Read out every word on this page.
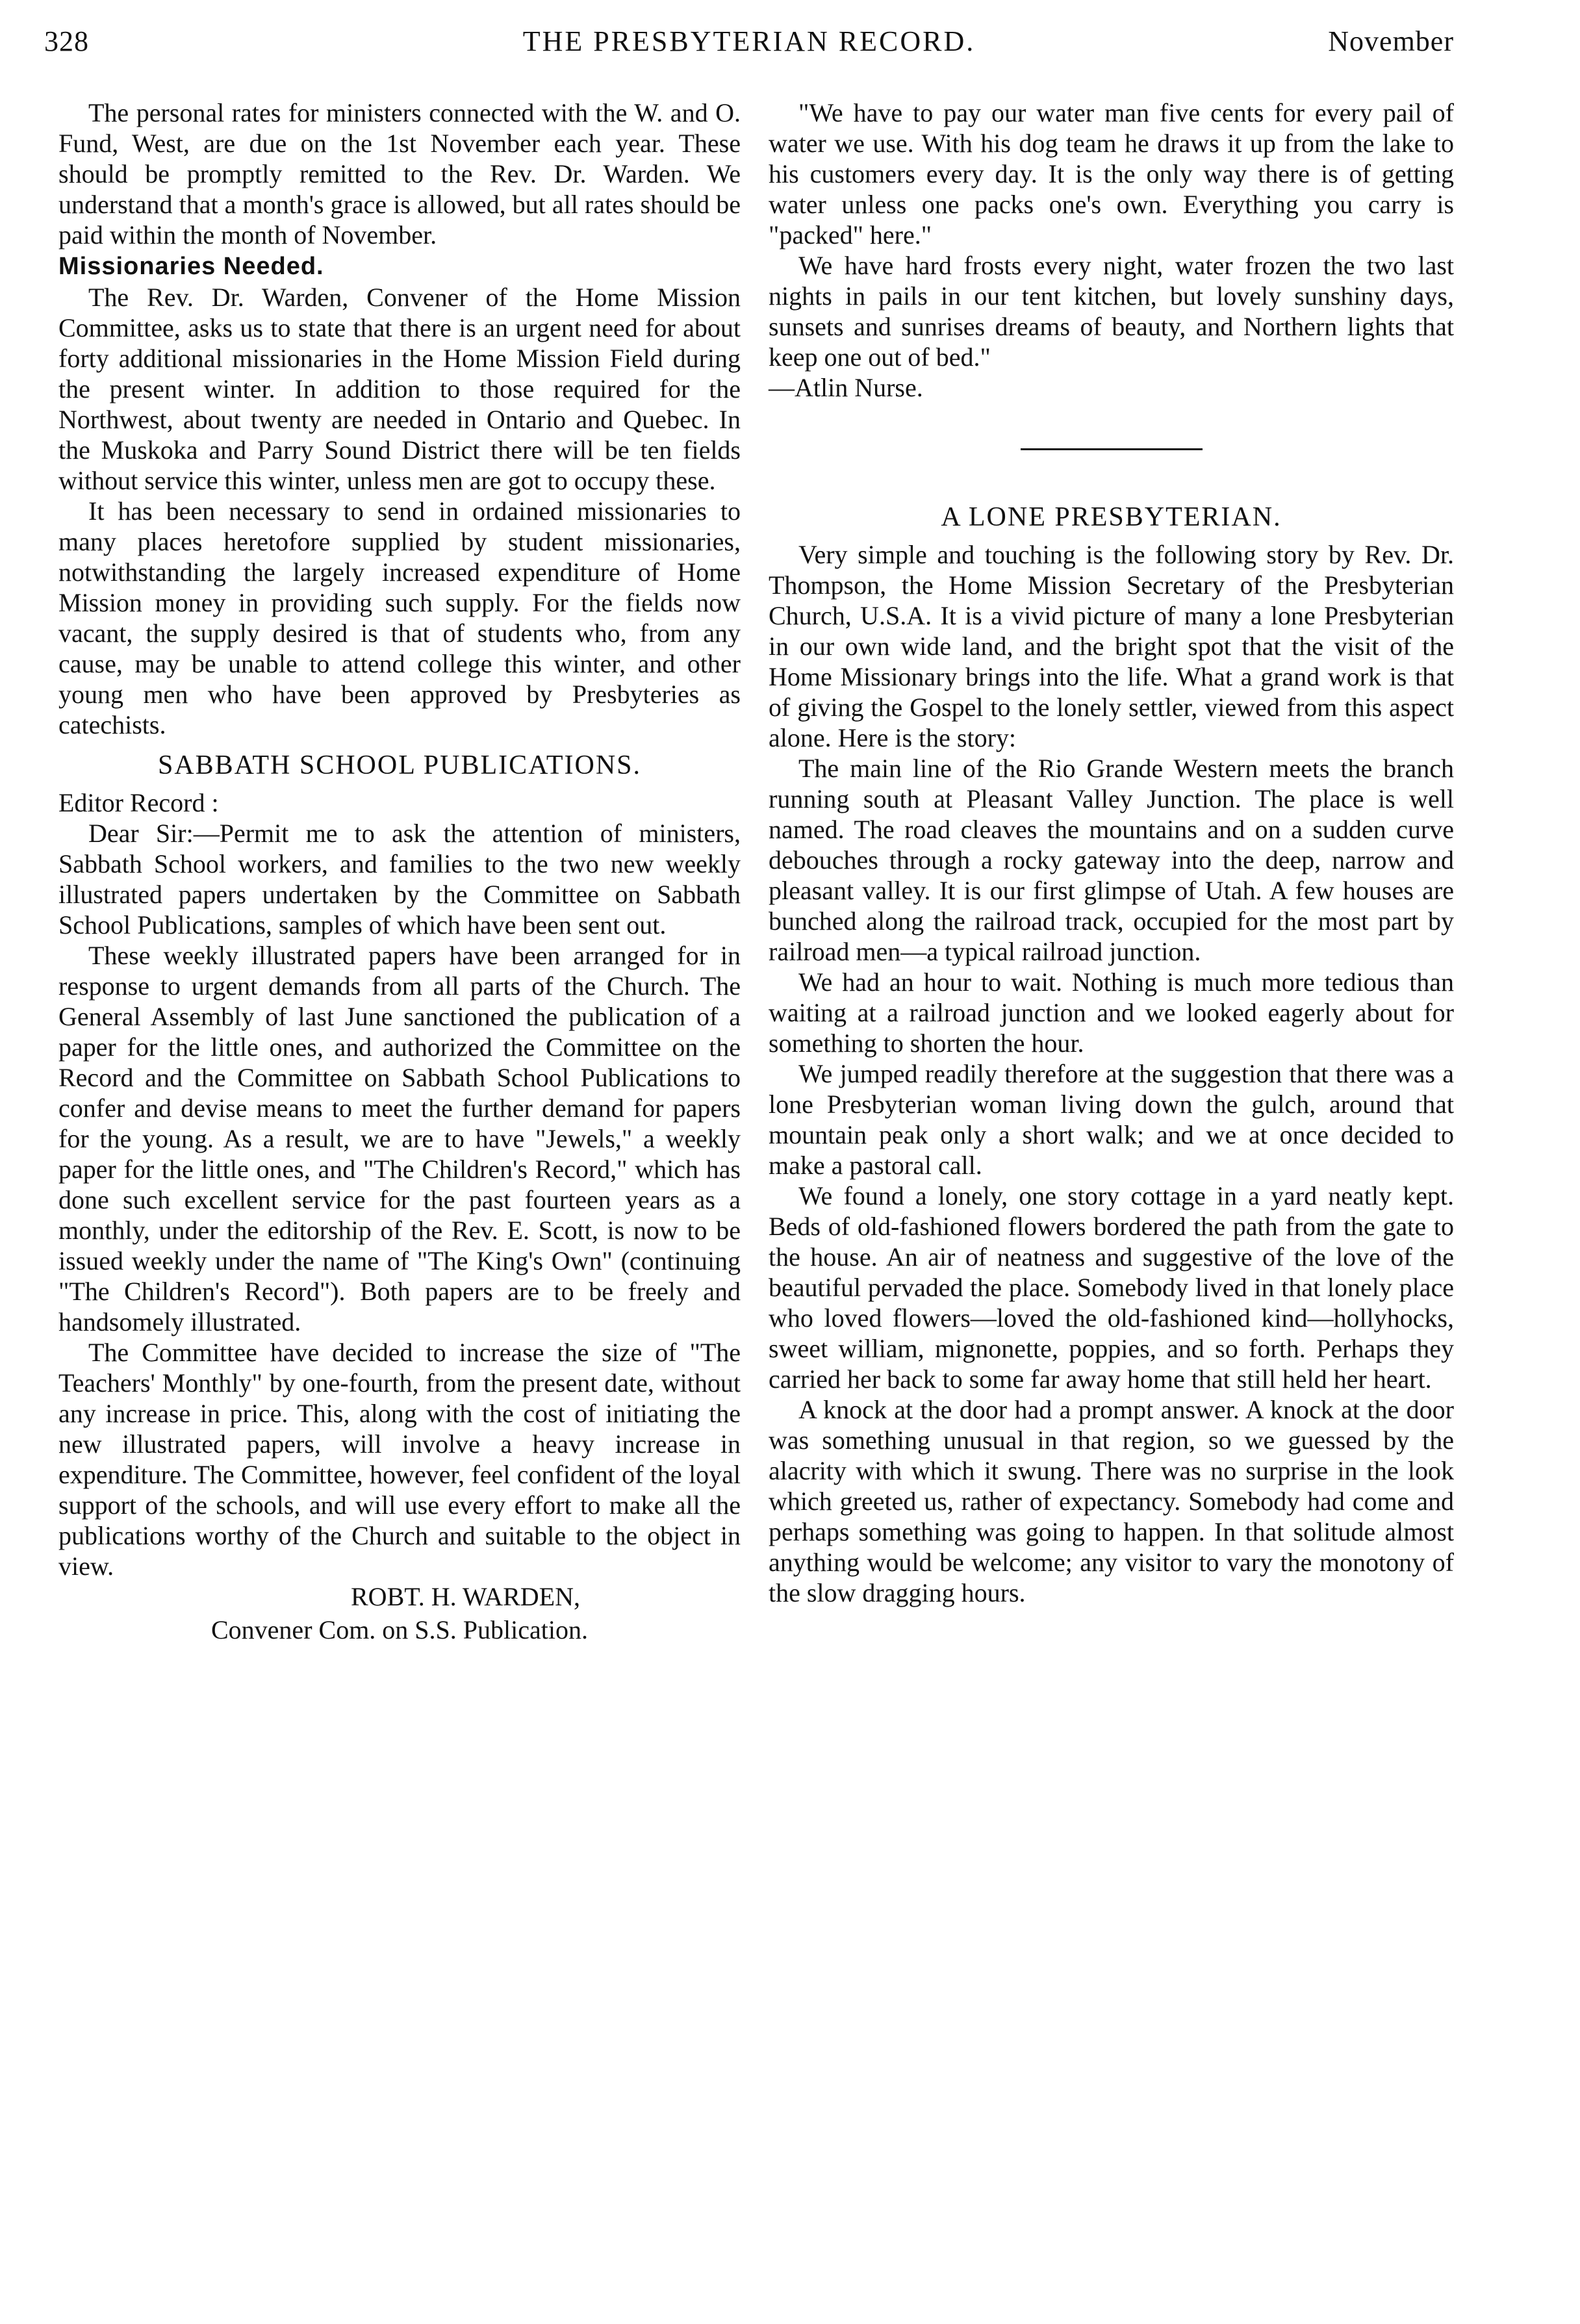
328	THE PRESBYTERIAN RECORD.	November

The personal rates for ministers connected with the W. and O. Fund, West, are due on the 1st November each year. These should be promptly remitted to the Rev. Dr. Warden. We understand that a month's grace is allowed, but all rates should be paid within the month of November.

Missionaries Needed.

The Rev. Dr. Warden, Convener of the Home Mission Committee, asks us to state that there is an urgent need for about forty additional missionaries in the Home Mission Field during the present winter. In addition to those required for the Northwest, about twenty are needed in Ontario and Quebec. In the Muskoka and Parry Sound District there will be ten fields without service this winter, unless men are got to occupy these.

It has been necessary to send in ordained missionaries to many places heretofore supplied by student missionaries, notwithstanding the largely increased expenditure of Home Mission money in providing such supply. For the fields now vacant, the supply desired is that of students who, from any cause, may be unable to attend college this winter, and other young men who have been approved by Presbyteries as catechists.

SABBATH SCHOOL PUBLICATIONS.

Editor Record :

Dear Sir:—Permit me to ask the attention of ministers, Sabbath School workers, and families to the two new weekly illustrated papers undertaken by the Committee on Sabbath School Publications, samples of which have been sent out.

These weekly illustrated papers have been arranged for in response to urgent demands from all parts of the Church. The General Assembly of last June sanctioned the publication of a paper for the little ones, and authorized the Committee on the Record and the Committee on Sabbath School Publications to confer and devise means to meet the further demand for papers for the young. As a result, we are to have "Jewels," a weekly paper for the little ones, and "The Children's Record," which has done such excellent service for the past fourteen years as a monthly, under the editorship of the Rev. E. Scott, is now to be issued weekly under the name of "The King's Own" (continuing "The Children's Record"). Both papers are to be freely and handsomely illustrated.

The Committee have decided to increase the size of "The Teachers' Monthly" by one-fourth, from the present date, without any increase in price. This, along with the cost of initiating the new illustrated papers, will involve a heavy increase in expenditure. The Committee, however, feel confident of the loyal support of the schools, and will use every effort to make all the publications worthy of the Church and suitable to the object in view.

ROBT. H. WARDEN,
Convener Com. on S.S. Publication.

"We have to pay our water man five cents for every pail of water we use. With his dog team he draws it up from the lake to his customers every day. It is the only way there is of getting water unless one packs one's own. Everything you carry is "packed" here."

We have hard frosts every night, water frozen the two last nights in pails in our tent kitchen, but lovely sunshiny days, sunsets and sunrises dreams of beauty, and Northern lights that keep one out of bed."

—Atlin Nurse.

A LONE PRESBYTERIAN.

Very simple and touching is the following story by Rev. Dr. Thompson, the Home Mission Secretary of the Presbyterian Church, U.S.A. It is a vivid picture of many a lone Presbyterian in our own wide land, and the bright spot that the visit of the Home Missionary brings into the life. What a grand work is that of giving the Gospel to the lonely settler, viewed from this aspect alone. Here is the story:

The main line of the Rio Grande Western meets the branch running south at Pleasant Valley Junction. The place is well named. The road cleaves the mountains and on a sudden curve debouches through a rocky gateway into the deep, narrow and pleasant valley. It is our first glimpse of Utah. A few houses are bunched along the railroad track, occupied for the most part by railroad men—a typical railroad junction.

We had an hour to wait. Nothing is much more tedious than waiting at a railroad junction and we looked eagerly about for something to shorten the hour.

We jumped readily therefore at the suggestion that there was a lone Presbyterian woman living down the gulch, around that mountain peak only a short walk; and we at once decided to make a pastoral call.

We found a lonely, one story cottage in a yard neatly kept. Beds of old-fashioned flowers bordered the path from the gate to the house. An air of neatness and suggestive of the love of the beautiful pervaded the place. Somebody lived in that lonely place who loved flowers—loved the old-fashioned kind—hollyhocks, sweet william, mignonette, poppies, and so forth. Perhaps they carried her back to some far away home that still held her heart.

A knock at the door had a prompt answer. A knock at the door was something unusual in that region, so we guessed by the alacrity with which it swung. There was no surprise in the look which greeted us, rather of expectancy. Somebody had come and perhaps something was going to happen. In that solitude almost anything would be welcome; any visitor to vary the monotony of the slow dragging hours.
